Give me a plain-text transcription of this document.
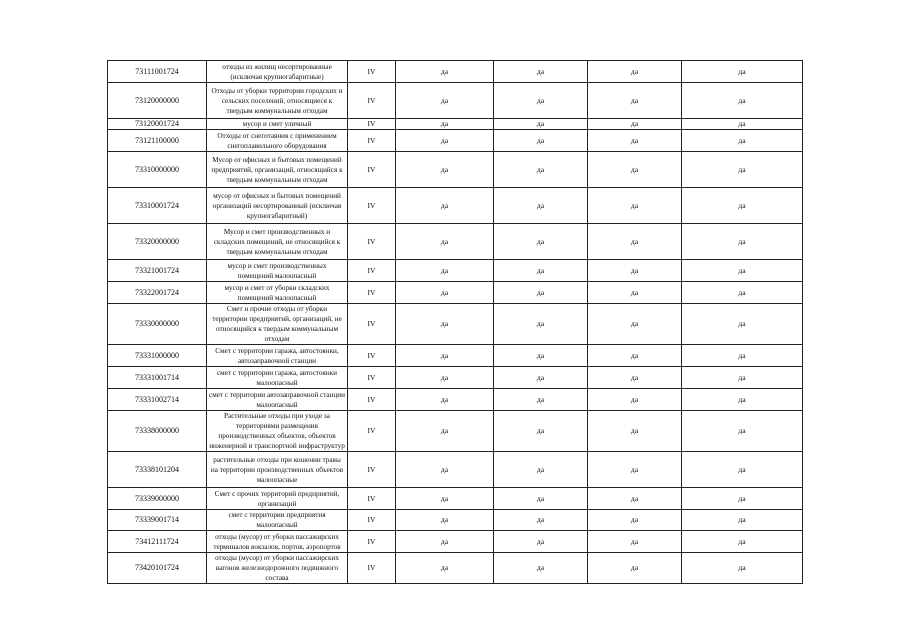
73111001724	отходы из жилищ несортированные (исключая крупногабаритные)	IV	да	да	да	да
73120000000	Отходы от уборки территории городских и сельских поселений, относящиеся к твердым коммунальным отходам	IV	да	да	да	да
73120001724	мусор и смет уличный	IV	да	да	да	да
73121100000	Отходы от снеготаяния с применением снегоплавильного оборудования	IV	да	да	да	да
73310000000	Мусор от офисных и бытовых помещений предприятий, организаций, относящийся к твердым коммунальным отходам	IV	да	да	да	да
73310001724	мусор от офисных и бытовых помещений организаций несортированный (исключая крупногабаритный)	IV	да	да	да	да
73320000000	Мусор и смет производственных и складских помещений, не относящийся к твердым коммунальным отходам	IV	да	да	да	да
73321001724	мусор и смет производственных помещений малоопасный	IV	да	да	да	да
73322001724	мусор и смет от уборки складских помещений малоопасный	IV	да	да	да	да
73330000000	Смет и прочие отходы от уборки территории предприятий, организаций, не относящийся к твердым коммунальным отходам	IV	да	да	да	да
73331000000	Смет с территории гаража, автостоянки, автозаправочной станции	IV	да	да	да	да
73331001714	смет с территории гаража, автостоянки малоопасный	IV	да	да	да	да
73331002714	смет с территории автозаправочной станции малоопасный	IV	да	да	да	да
73338000000	Растительные отходы при уходе за территориями размещения производственных объектов, объектов инженерной и транспортной инфраструктур	IV	да	да	да	да
73338101204	растительные отходы при кошении травы на территории производственных объектов малоопасные	IV	да	да	да	да
73339000000	Смет с прочих территорий предприятий, организаций	IV	да	да	да	да
73339001714	смет с территории предприятия малоопасный	IV	да	да	да	да
73412111724	отходы (мусор) от уборки пассажирских терминалов вокзалов, портов, аэропортов	IV	да	да	да	да
73420101724	отходы (мусор) от уборки пассажирских вагонов железнодорожного подвижного состава	IV	да	да	да	да
